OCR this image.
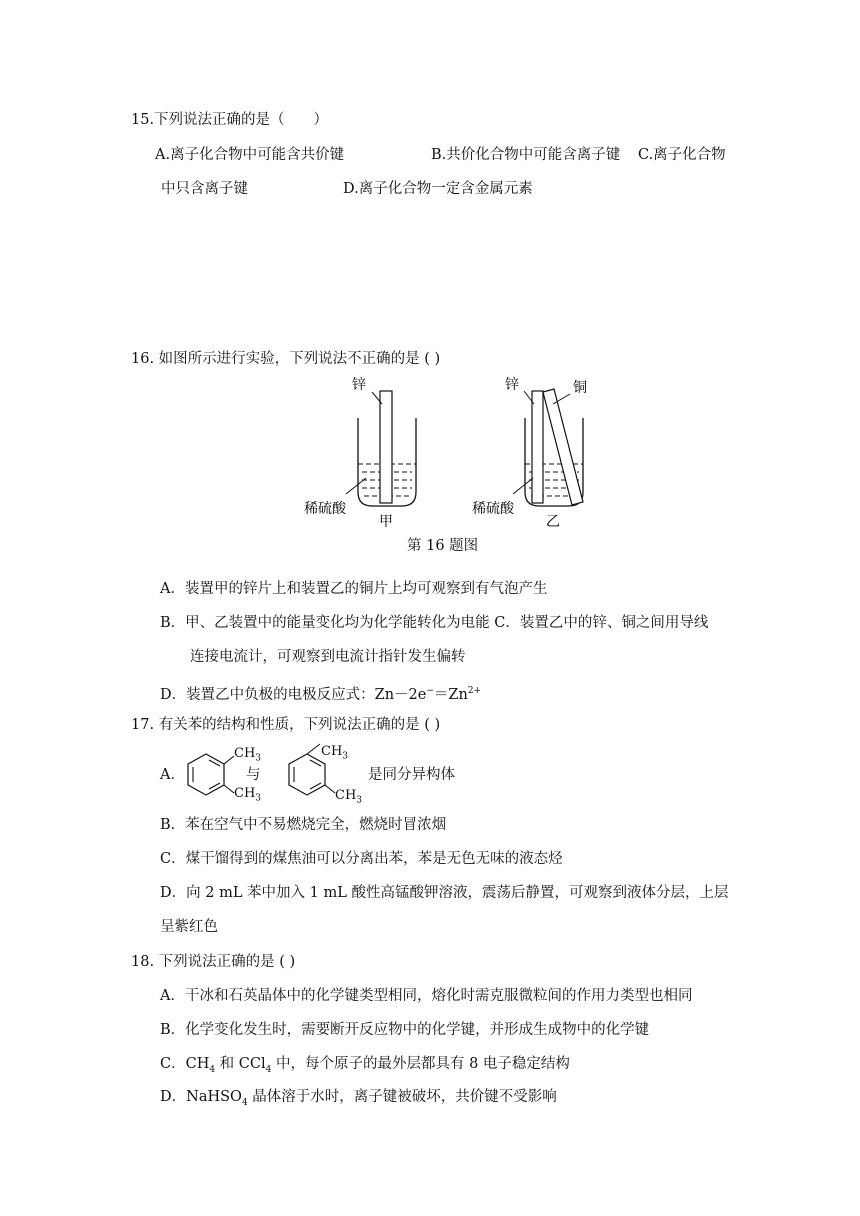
15.下列说法正确的是（　　）
A.离子化合物中可能含共价键	B.共价化合物中可能含离子键 C.离子化合物
中只含离子键	D.离子化合物一定含金属元素
16. 如图所示进行实验，下列说法不正确的是 ( )
锌
稀硫酸
甲
锌	铜
稀硫酸
乙
第 16 题图
A．装置甲的锌片上和装置乙的铜片上均可观察到有气泡产生
B．甲、乙装置中的能量变化均为化学能转化为电能 C．装置乙中的锌、铜之间用导线
连接电流计，可观察到电流计指针发生偏转
D．装置乙中负极的电极反应式：$Zn-2e^-=Zn^{2+}$
17. 有关苯的结构和性质，下列说法正确的是 ( )
A．
$CH_3$
$CH_3$
与
$CH_3$
$CH_3$
是同分异构体
B．苯在空气中不易燃烧完全，燃烧时冒浓烟
C．煤干馏得到的煤焦油可以分离出苯，苯是无色无味的液态烃
D．向 2 mL 苯中加入 1 mL 酸性高锰酸钾溶液，震荡后静置，可观察到液体分层，上层
呈紫红色
18. 下列说法正确的是 ( )
A．干冰和石英晶体中的化学键类型相同，熔化时需克服微粒间的作用力类型也相同
B．化学变化发生时，需要断开反应物中的化学键，并形成生成物中的化学键
C．$CH_4$ 和 CCl$_4$ 中，每个原子的最外层都具有 8 电子稳定结构
D．NaHSO$_4$ 晶体溶于水时，离子键被破坏，共价键不受影响
